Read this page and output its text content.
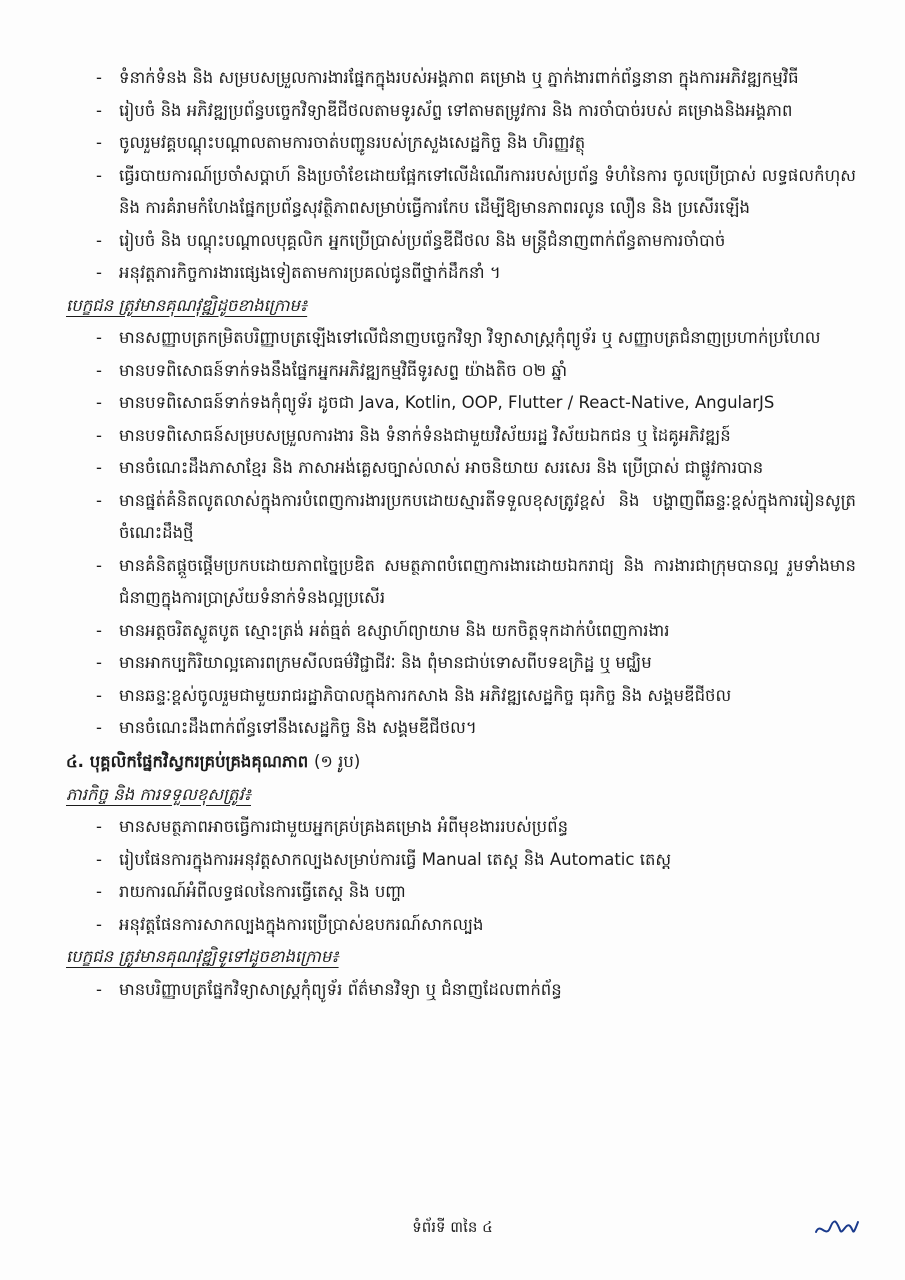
- ទំនាក់ទំនង និង សម្របសម្រួលការងារផ្នែកក្នុងរបស់អង្គភាព គម្រោង ឬ ភ្នាក់ងារពាក់ព័ន្ធនានា ក្នុងការអភិវឌ្ឍកម្មវិធី
- រៀបចំ និង អភិវឌ្ឍប្រព័ន្ធបច្ចេកវិទ្យាឌីជីថលតាមទូរស័ព្ទ ទៅតាមតម្រូវការ និង ការចាំបាច់របស់ គម្រោងនិងអង្គភាព
- ចូលរួមវគ្គបណ្តុះបណ្តាលតាមការចាត់បញ្ជូនរបស់ក្រសួងសេដ្ឋកិច្ច និង ហិរញ្ញវត្ថុ
- ធ្វើរបាយការណ៍ប្រចាំសប្តាហ៍ និងប្រចាំខែដោយផ្អែកទៅលើដំណើរការរបស់ប្រព័ន្ធ ទំហំនៃការ ចូលប្រើប្រាស់ លទ្ធផលកំហុស និង ការគំរាមកំហែងផ្នែកប្រព័ន្ធសុវត្ថិភាពសម្រាប់ធ្វើការកែប ដើម្បីឱ្យមានភាពរលូន លឿន និង ប្រសើរឡើង
- រៀបចំ និង បណ្តុះបណ្តាលបុគ្គលិក អ្នកប្រើប្រាស់ប្រព័ន្ធឌីជីថល និង មន្ត្រីជំនាញពាក់ព័ន្ធតាមការចាំបាច់
- អនុវត្តភារកិច្ចការងារផ្សេងទៀតតាមការប្រគល់ជូនពីថ្នាក់ដឹកនាំ ។
បេក្ខជន ត្រូវមានគុណវុឌ្ឍិដូចខាងក្រោម៖
- មានសញ្ញាបត្រកម្រិតបរិញ្ញាបត្រឡើងទៅលើជំនាញបច្ចេកវិទ្យា វិទ្យាសាស្ត្រកុំព្យូទ័រ ឬ សញ្ញាបត្រជំនាញប្រហាក់ប្រហែល
- មានបទពិសោធន៍ទាក់ទងនឹងផ្នែកអ្នកអភិវឌ្ឍកម្មវិធីទូរសព្ទ យ៉ាងតិច ០២ ឆ្នាំ
- មានបទពិសោធន៍ទាក់ទងកុំព្យូទ័រ ដូចជា Java, Kotlin, OOP, Flutter / React-Native, AngularJS
- មានបទពិសោធន៍សម្របសម្រួលការងារ និង ទំនាក់ទំនងជាមួយវិស័យរដ្ឋ វិស័យឯកជន ឬ ដៃគូអភិវឌ្ឍន៍
- មានចំណេះដឹងភាសាខ្មែរ និង ភាសាអង់គ្លេសច្បាស់លាស់ អាចនិយាយ សរសេរ និង ប្រើប្រាស់ ជាផ្លូវការបាន
- មានផ្នត់គំនិតលូតលាស់ក្នុងការបំពេញការងារប្រកបដោយស្មារតីទទួលខុសត្រូវខ្ពស់ និង បង្ហាញពីឆន្ទៈខ្ពស់ក្នុងការរៀនសូត្រចំណេះដឹងថ្មី
- មានគំនិតផ្តួចផ្តើមប្រកបដោយភាពច្នៃប្រឌិត សមត្ថភាពបំពេញការងារដោយឯករាជ្យ និង ការងារជាក្រុមបានល្អ រួមទាំងមានជំនាញក្នុងការប្រាស្រ័យទំនាក់ទំនងល្អប្រសើរ
- មានអត្តចរិតស្លូតបូត ស្មោះត្រង់ អត់ធ្មត់ ឧស្សាហ៍ព្យាយាម និង យកចិត្តទុកដាក់បំពេញការងារ
- មានអាកប្បកិរិយាល្អគោរពក្រមសីលធម៌វិជ្ជាជីវៈ និង ពុំមានជាប់ទោសពីបទឧក្រិដ្ឋ ឬ មជ្ឈិម
- មានឆន្ទៈខ្ពស់ចូលរួមជាមួយរាជរដ្ឋាភិបាលក្នុងការកសាង និង អភិវឌ្ឍសេដ្ឋកិច្ច ធុរកិច្ច និង សង្គមឌីជីថល
- មានចំណេះដឹងពាក់ព័ន្ធទៅនឹងសេដ្ឋកិច្ច និង សង្គមឌីជីថល។
៤. បុគ្គលិកផ្នែកវិស្វករគ្រប់គ្រងគុណភាព (១ រូប)
ភារកិច្ច និង ការទទួលខុសត្រូវ៖
- មានសមត្ថភាពអាចធ្វើការជាមួយអ្នកគ្រប់គ្រងគម្រោង អំពីមុខងាររបស់ប្រព័ន្ធ
- រៀបផែនការក្នុងការអនុវត្តសាកល្បងសម្រាប់ការធ្វើ Manual តេស្ត និង Automatic តេស្ត
- រាយការណ៍អំពីលទ្ធផលនៃការធ្វើតេស្ត និង បញ្ហា
- អនុវត្តផែនការសាកល្បងក្នុងការប្រើប្រាស់ឧបករណ៍សាកល្បង
បេក្ខជន ត្រូវមានគុណវុឌ្ឍិទូទៅដូចខាងក្រោម៖
- មានបរិញ្ញាបត្រផ្នែកវិទ្យាសាស្ត្រកុំព្យូទ័រ ព័ត៌មានវិទ្យា ឬ ជំនាញដែលពាក់ព័ន្ធ
ទំព័រទី ៣នៃ ៤
